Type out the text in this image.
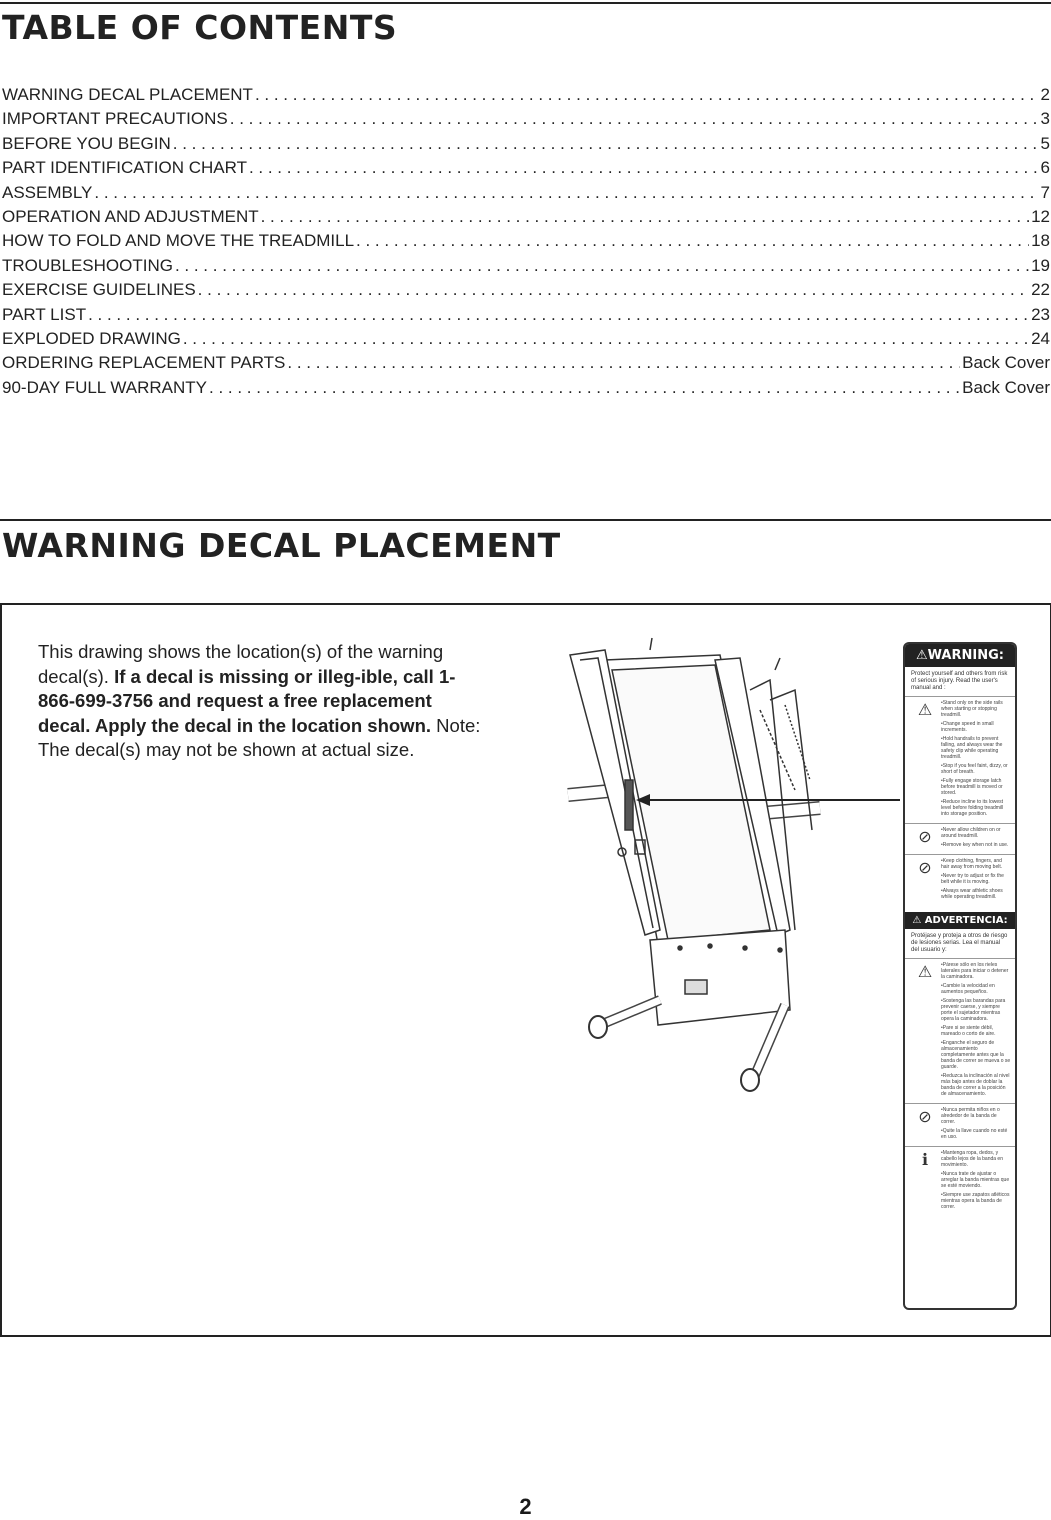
TABLE OF CONTENTS
WARNING DECAL PLACEMENT . . .	2
IMPORTANT PRECAUTIONS . . .	3
BEFORE YOU BEGIN . . .	5
PART IDENTIFICATION CHART . . .	6
ASSEMBLY . . .	7
OPERATION AND ADJUSTMENT . . .	12
HOW TO FOLD AND MOVE THE TREADMILL . . .	18
TROUBLESHOOTING . . .	19
EXERCISE GUIDELINES . . .	22
PART LIST . . .	23
EXPLODED DRAWING . . .	24
ORDERING REPLACEMENT PARTS . . .	Back Cover
90-DAY FULL WARRANTY . . .	Back Cover
WARNING DECAL PLACEMENT

This drawing shows the location(s) of the warning decal(s). If a decal is missing or illeg-ible, call 1-866-699-3756 and request a free replacement decal. Apply the decal in the location shown. Note: The decal(s) may not be shown at actual size.

⚠WARNING:
Protect yourself and others from risk of serious injury. Read the user's manual and :
⚠	•Stand only on the side rails when starting or stopping treadmill.
•Change speed in small increments.
•Hold handrails to prevent falling, and always wear the safety clip while operating treadmill.
•Stop if you feel faint, dizzy, or short of breath.
•Fully engage storage latch before treadmill is moved or stored.
•Reduce incline to its lowest level before folding treadmill into storage position.
⊘	•Never allow children on or around treadmill.
•Remove key when not in use.
⊘	•Keep clothing, fingers, and hair away from moving belt.
•Never try to adjust or fix the belt while it is moving.
•Always wear athletic shoes while operating treadmill.
⚠ ADVERTENCIA:
Protéjase y proteja a otros de riesgo de lesiones serias. Lea el manual del usuario y:
⚠	•Párese sólo en los rieles laterales para iniciar o detener la caminadora.
•Cambie la velocidad en aumentos pequeños.
•Sostenga las barandas para prevenir caerse, y siempre porte el sujetador mientras opera la caminadora.
•Pare si se siente débil, mareado o corto de aire.
•Enganche el seguro de almacenamiento completamente antes que la banda de correr se mueva o se guarde.
•Reduzca la inclinación al nivel más bajo antes de doblar la banda de correr a la posición de almacenamiento.
⊘	•Nunca permita niños en o alrededor de la banda de correr.
•Quite la llave cuando no esté en uso.
ℹ	•Mantenga ropa, dedos, y cabello lejos de la banda en movimiento.
•Nunca trate de ajustar o arreglar la banda mientras que se esté moviendo.
•Siempre use zapatos atléticos mientras opera la banda de correr.
2
